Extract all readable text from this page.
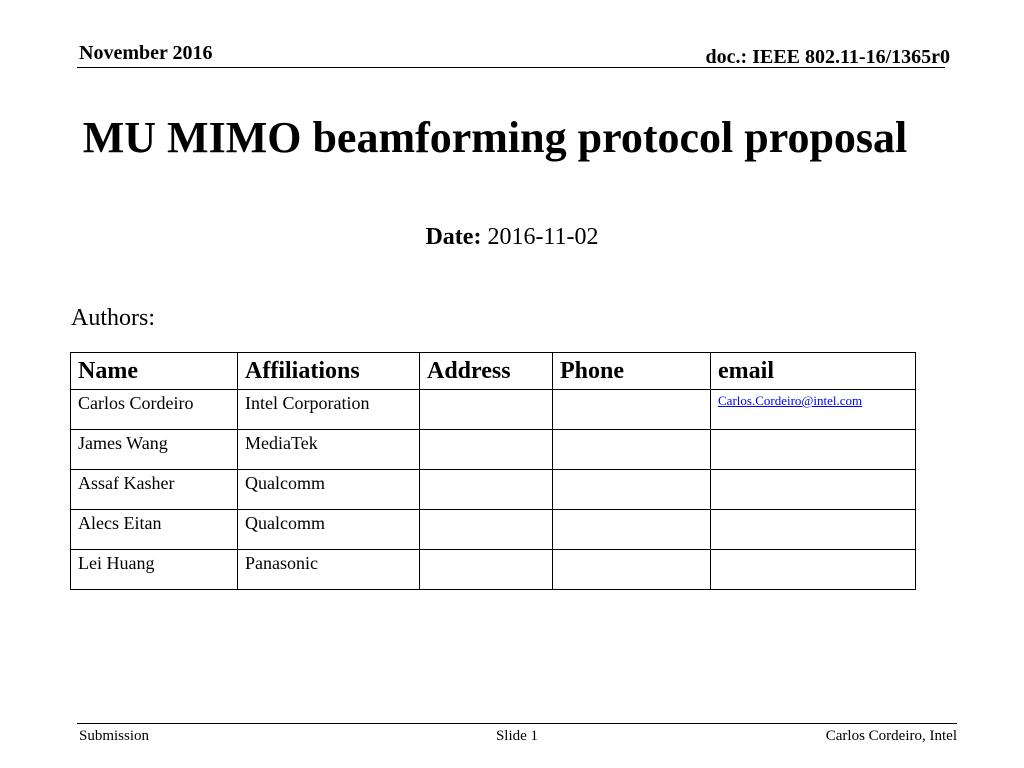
November 2016	doc.: IEEE 802.11-16/1365r0
MU MIMO beamforming protocol proposal
Date: 2016-11-02
Authors:
Name	Affiliations	Address	Phone	email
Carlos Cordeiro	Intel Corporation			Carlos.Cordeiro@intel.com
James Wang	MediaTek			
Assaf Kasher	Qualcomm			
Alecs Eitan	Qualcomm			
Lei Huang	Panasonic			
Submission	Slide 1	Carlos Cordeiro, Intel
